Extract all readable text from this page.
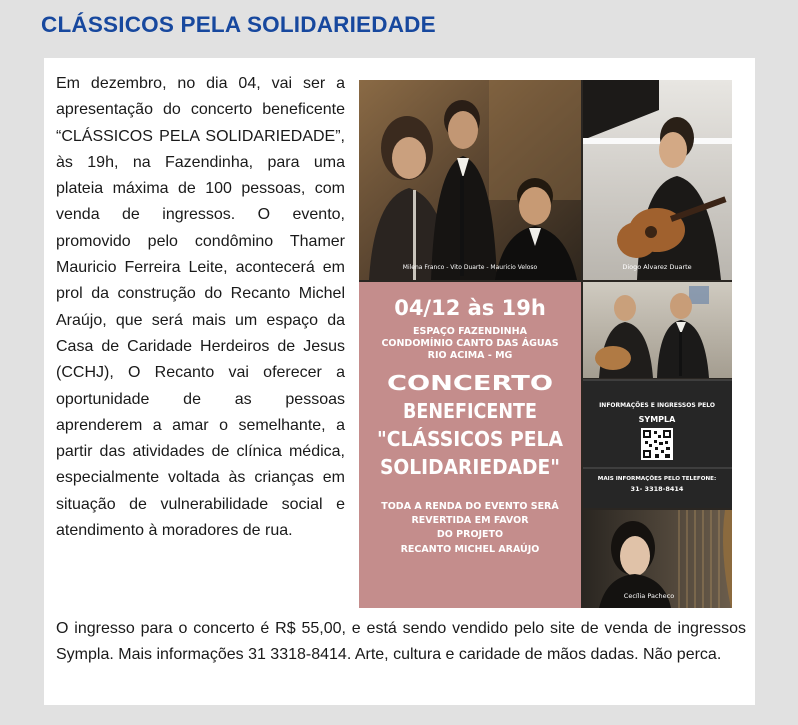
CLÁSSICOS PELA SOLIDARIEDADE
Em dezembro, no dia 04, vai ser a apresentação do concerto beneficente “CLÁSSICOS PELA SOLIDARIEDADE”, às 19h, na Fazendinha, para uma plateia máxima de 100 pessoas, com venda de ingressos. O evento, promovido pelo condômino Thamer Mauricio Ferreira Leite, acontecerá em prol da construção do Recanto Michel Araújo, que será mais um espaço da Casa de Caridade Herdeiros de Jesus (CCHJ), O Recanto vai oferecer a oportunidade de as pessoas aprenderem a amar o semelhante, a partir das atividades de clínica médica, especialmente voltada às crianças em situação de vulnerabilidade social e atendimento à moradores de rua.
Milena Franco - Vito Duarte - Mauricio Veloso	Diogo Alvarez Duarte
04/12 às 19h
ESPAÇO FAZENDINHA
CONDOMÍNIO CANTO DAS ÁGUAS
RIO ACIMA - MG
CONCERTO
BENEFICENTE
"CLÁSSICOS PELA
SOLIDARIEDADE"
TODA A RENDA DO EVENTO SERÁ
REVERTIDA EM FAVOR
DO PROJETO
RECANTO MICHEL ARAÚJO
INFORMAÇÕES E INGRESSOS PELO
SYMPLA
MAIS INFORMAÇÕES PELO TELEFONE:
31- 3318-8414
Cecília Pacheco
O ingresso para o concerto é R$ 55,00, e está sendo vendido pelo site de venda de ingressos Sympla. Mais informações 31 3318-8414. Arte, cultura e caridade de mãos dadas. Não perca.
